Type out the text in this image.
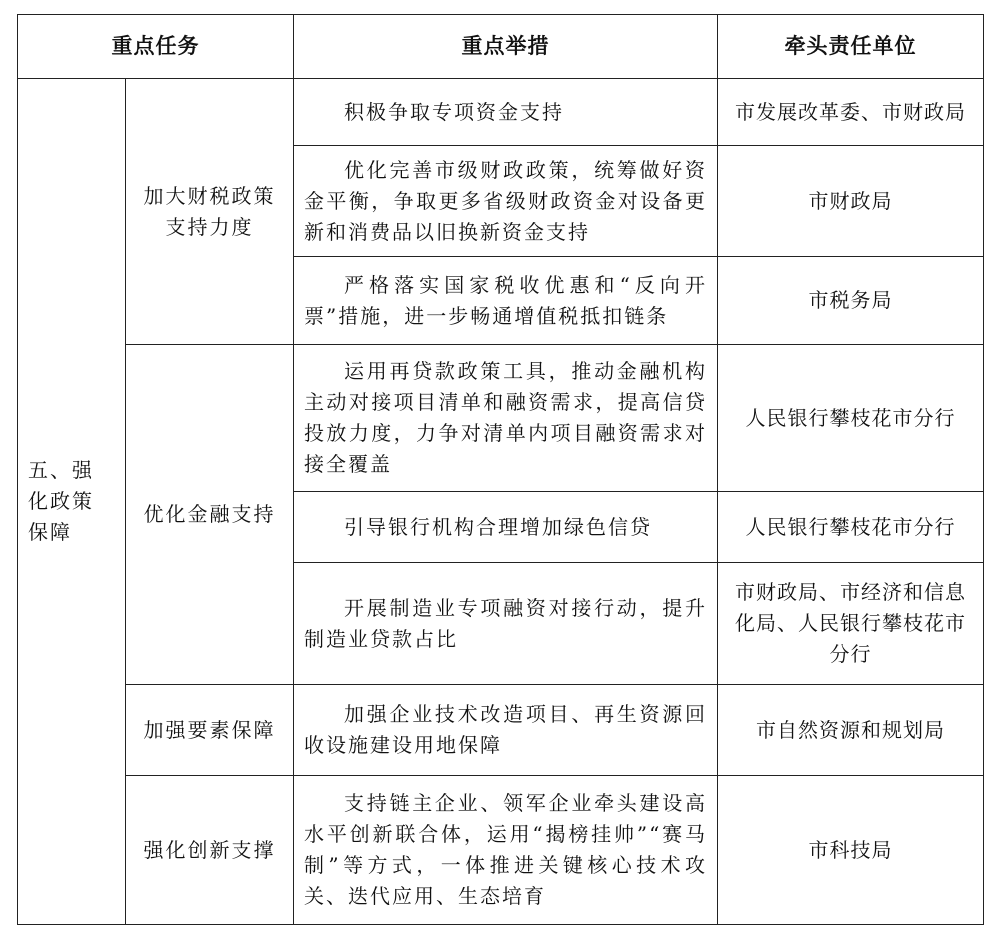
重点任务		重点举措	牵头责任单位
五、强化政策保障	加大财税政策支持力度	积极争取专项资金支持	市发展改革委、市财政局
		优化完善市级财政政策，统筹做好资金平衡，争取更多省级财政资金对设备更新和消费品以旧换新资金支持	市财政局
		严格落实国家税收优惠和“反向开票”措施，进一步畅通增值税抵扣链条	市税务局
	优化金融支持	运用再贷款政策工具，推动金融机构主动对接项目清单和融资需求，提高信贷投放力度，力争对清单内项目融资需求对接全覆盖	人民银行攀枝花市分行
		引导银行机构合理增加绿色信贷	人民银行攀枝花市分行
		开展制造业专项融资对接行动，提升制造业贷款占比	市财政局、市经济和信息化局、人民银行攀枝花市分行
	加强要素保障	加强企业技术改造项目、再生资源回收设施建设用地保障	市自然资源和规划局
	强化创新支撑	支持链主企业、领军企业牵头建设高水平创新联合体，运用“揭榜挂帅”“赛马制”等方式，一体推进关键核心技术攻关、迭代应用、生态培育	市科技局
